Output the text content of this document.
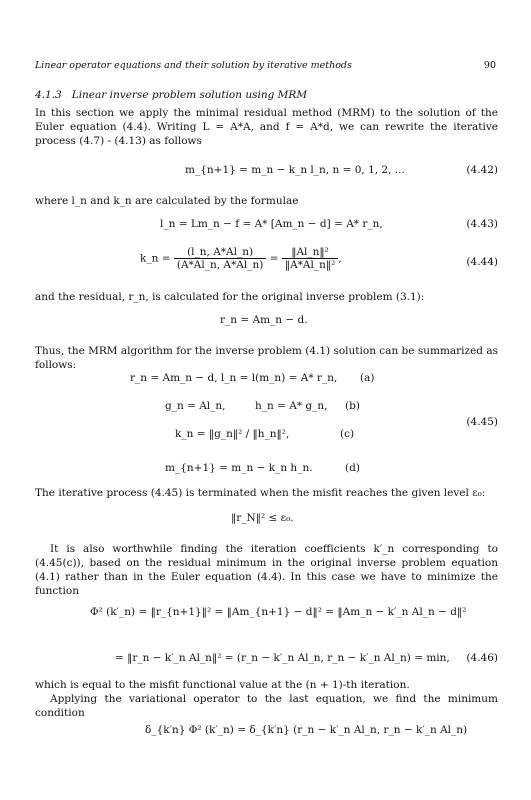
Linear operator equations and their solution by iterative methods	90
4.1.3 Linear inverse problem solution using MRM
In this section we apply the minimal residual method (MRM) to the solution of the Euler equation (4.4). Writing L = A*A, and f = A*d, we can rewrite the iterative process (4.7) - (4.13) as follows
m_{n+1} = m_n − k_n l_n, n = 0, 1, 2, ...	(4.42)
where l_n and k_n are calculated by the formulae
l_n = Lm_n − f = A* [Am_n − d] = A* r_n,	(4.43)
k_n = $\frac{(l\_n, A*Al\_n)}{(A*Al\_n, A*Al\_n)} = \frac{\text{‖Al\_n‖²}}{\text{‖A*Al\_n‖²}}$ ,	(4.44)
and the residual, r_n, is calculated for the original inverse problem (3.1):
r_n = Am_n − d.
Thus, the MRM algorithm for the inverse problem (4.1) solution can be summarized as follows:
r_n = Am_n − d, l_n = l(m_n) = A* r_n, (a)
g_n = Al_n,	h_n = A* g_n, (b)
k_n = ‖g_n‖² / ‖h_n‖²,	(c)
m_{n+1} = m_n − k_n h_n.	(d)
(4.45)
The iterative process (4.45) is terminated when the misfit reaches the given level ε₀:
‖r_N‖² ≤ ε₀.
It is also worthwhile finding the iteration coefficients k′_n corresponding to (4.45(c)), based on the residual minimum in the original inverse problem equation (4.1) rather than in the Euler equation (4.4). In this case we have to minimize the function
Φ² (k′_n) = ‖r_{n+1}‖² = ‖Am_{n+1} − d‖² = ‖Am_n − k′_n Al_n − d‖²
= ‖r_n − k′_n Al_n‖² = (r_n − k′_n Al_n, r_n − k′_n Al_n) = min, (4.46)
which is equal to the misfit functional value at the (n + 1)-th iteration.
Applying the variational operator to the last equation, we find the minimum condition
δ_{k′n} Φ² (k′_n) = δ_{k′n} (r_n − k′_n Al_n, r_n − k′_n Al_n)
